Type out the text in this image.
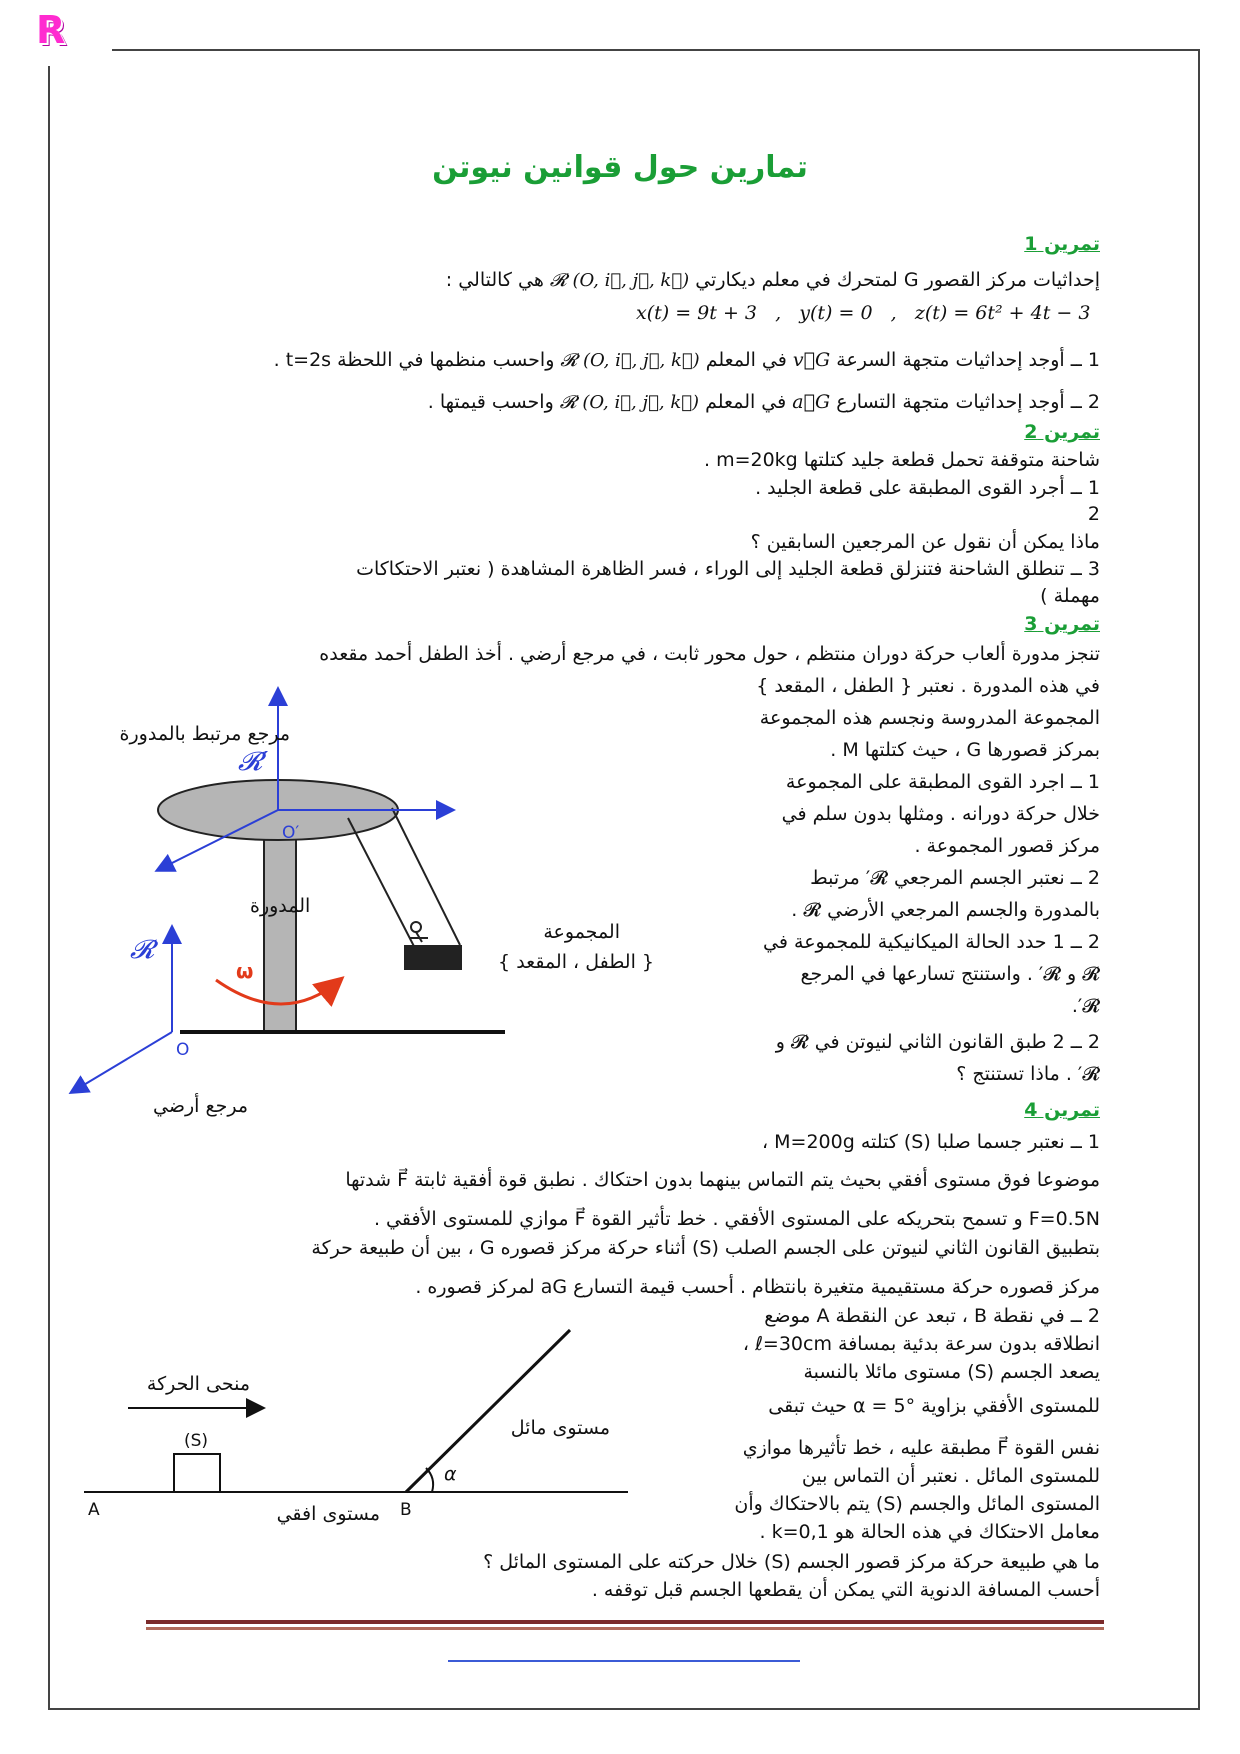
R
تمارين حول قوانين نيوتن
تمرين 1
إحداثيات مركز القصور G لمتحرك في معلم ديكارتي 𝓡 (O, i⃗, j⃗, k⃗) هي كالتالي :
x(t) = 9t + 3   ,   y(t) = 0   ,   z(t) = 6t² + 4t − 3
1 ــ أوجد إحداثيات متجهة السرعة v⃗G في المعلم 𝓡 (O, i⃗, j⃗, k⃗) واحسب منظمها في اللحظة t=2s .
2 ــ أوجد إحداثيات متجهة التسارع a⃗G في المعلم 𝓡 (O, i⃗, j⃗, k⃗) واحسب قيمتها .
تمرين 2
شاحنة متوقفة تحمل قطعة جليد كتلتها m=20kg .
1 ــ أجرد القوى المطبقة على قطعة الجليد .
2
ماذا يمكن أن نقول عن المرجعين السابقين ؟
3 ــ تنطلق الشاحنة فتنزلق قطعة الجليد إلى الوراء ، فسر الظاهرة المشاهدة ( نعتبر الاحتكاكات
مهملة )
تمرين 3
تنجز مدورة ألعاب حركة دوران منتظم ، حول محور ثابت ، في مرجع أرضي . أخذ الطفل أحمد مقعده
في هذه المدورة . نعتبر { الطفل ، المقعد }
المجموعة المدروسة ونجسم هذه المجموعة
بمركز قصورها G ، حيث كتلتها M .
1 ــ اجرد القوى المطبقة على المجموعة
خلال حركة دورانه . ومثلها بدون سلم في
مركز قصور المجموعة .
2 ــ نعتبر الجسم المرجعي 𝓡′ مرتبط
بالمدورة والجسم المرجعي الأرضي 𝓡 .
2 ــ 1 حدد الحالة الميكانيكية للمجموعة في
𝓡 و 𝓡′ . واستنتج تسارعها في المرجع
𝓡′.
2 ــ 2 طبق القانون الثاني لنيوتن في 𝓡 و
𝓡′ . ماذا تستنتج ؟
مرجع مرتبط بالمدورة
المدورة
المجموعة
{ الطفل ، المقعد }
مرجع أرضي
𝓡′
𝓡
O′
O
ω
تمرين 4
1 ــ نعتبر جسما صلبا (S) كتلته M=200g ،
موضوعا فوق مستوى أفقي بحيث يتم التماس بينهما بدون احتكاك . نطبق قوة أفقية ثابتة F⃗ شدتها
F=0.5N و تسمح بتحريكه على المستوى الأفقي . خط تأثير القوة F⃗ موازي للمستوى الأفقي .
بتطبيق القانون الثاني لنيوتن على الجسم الصلب (S) أثناء حركة مركز قصوره G ، بين أن طبيعة حركة
مركز قصوره حركة مستقيمية متغيرة بانتظام . أحسب قيمة التسارع aG لمركز قصوره .
2 ــ في نقطة B ، تبعد عن النقطة A موضع
انطلاقه بدون سرعة بدئية بمسافة ℓ=30cm ،
يصعد الجسم (S) مستوى مائلا بالنسبة
للمستوى الأفقي بزاوية α = 5° حيث تبقى
نفس القوة F⃗ مطبقة عليه ، خط تأثيرها موازي
للمستوى المائل . نعتبر أن التماس بين
المستوى المائل والجسم (S) يتم بالاحتكاك وأن
معامل الاحتكاك في هذه الحالة هو k=0,1 .
ما هي طبيعة حركة مركز قصور الجسم (S) خلال حركته على المستوى المائل ؟
أحسب المسافة الدنوية التي يمكن أن يقطعها الجسم قبل توقفه .
منحى الحركة
(S)
مستوى مائل
مستوى افقي
A	B
α
